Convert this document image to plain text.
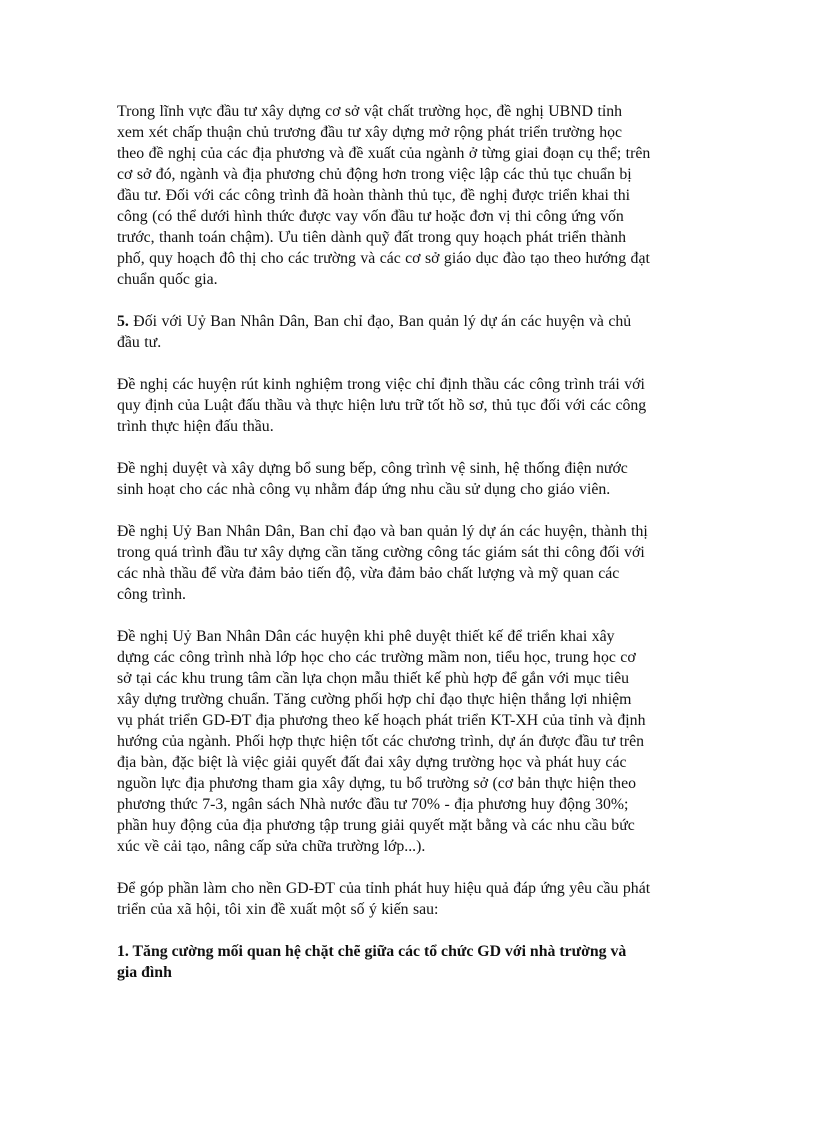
Trong lĩnh vực đầu tư xây dựng cơ sở vật chất trường học, đề nghị UBND tỉnh
xem xét chấp thuận chủ trương đầu tư xây dựng mở rộng phát triển trường học
theo đề nghị của các địa phương và đề xuất của ngành ở từng giai đoạn cụ thể; trên
cơ sở đó, ngành và địa phương chủ động hơn trong việc lập các thủ tục chuẩn bị
đầu tư. Đối với các công trình đã hoàn thành thủ tục, đề nghị được triển khai thi
công (có thể dưới hình thức được vay vốn đầu tư hoặc đơn vị thi công ứng vốn
trước, thanh toán chậm). Ưu tiên dành quỹ đất trong quy hoạch phát triển thành
phố, quy hoạch đô thị cho các trường và các cơ sở giáo dục đào tạo theo hướng đạt
chuẩn quốc gia.

5. Đối với Uỷ Ban Nhân Dân, Ban chỉ đạo, Ban quản lý dự án các huyện và chủ
đầu tư.

Đề nghị các huyện rút kinh nghiệm trong việc chỉ định thầu các công trình trái với
quy định của Luật đấu thầu và thực hiện lưu trữ tốt hồ sơ, thủ tục đối với các công
trình thực hiện đấu thầu.

Đề nghị duyệt và xây dựng bổ sung bếp, công trình vệ sinh, hệ thống điện nước
sinh hoạt cho các nhà công vụ nhằm đáp ứng nhu cầu sử dụng cho giáo viên.

Đề nghị Uỷ Ban Nhân Dân, Ban chỉ đạo và ban quản lý dự án các huyện, thành thị
trong quá trình đầu tư xây dựng cần tăng cường công tác giám sát thi công đối với
các nhà thầu để vừa đảm bảo tiến độ, vừa đảm bảo chất lượng và mỹ quan các
công trình.

Đề nghị Uỷ Ban Nhân Dân các huyện khi phê duyệt thiết kế để triển khai xây
dựng các công trình nhà lớp học cho các trường mầm non, tiểu học, trung học cơ
sở tại các khu trung tâm cần lựa chọn mẫu thiết kế phù hợp để gắn với mục tiêu
xây dựng trường chuẩn. Tăng cường phối hợp chỉ đạo thực hiện thắng lợi nhiệm
vụ phát triển GD-ĐT địa phương theo kế hoạch phát triển KT-XH của tỉnh và định
hướng của ngành. Phối hợp thực hiện tốt các chương trình, dự án được đầu tư trên
địa bàn, đặc biệt là việc giải quyết đất đai xây dựng trường học và phát huy các
nguồn lực địa phương tham gia xây dựng, tu bổ trường sở (cơ bản thực hiện theo
phương thức 7-3, ngân sách Nhà nước đầu tư 70% - địa phương huy động 30%;
phần huy động của địa phương tập trung giải quyết mặt bằng và các nhu cầu bức
xúc về cải tạo, nâng cấp sửa chữa trường lớp...).

Để góp phần làm cho nền GD-ĐT của tỉnh phát huy hiệu quả đáp ứng yêu cầu phát
triển của xã hội, tôi xin đề xuất một số ý kiến sau:

1. Tăng cường mối quan hệ chặt chẽ giữa các tổ chức GD với nhà trường và
gia đình
